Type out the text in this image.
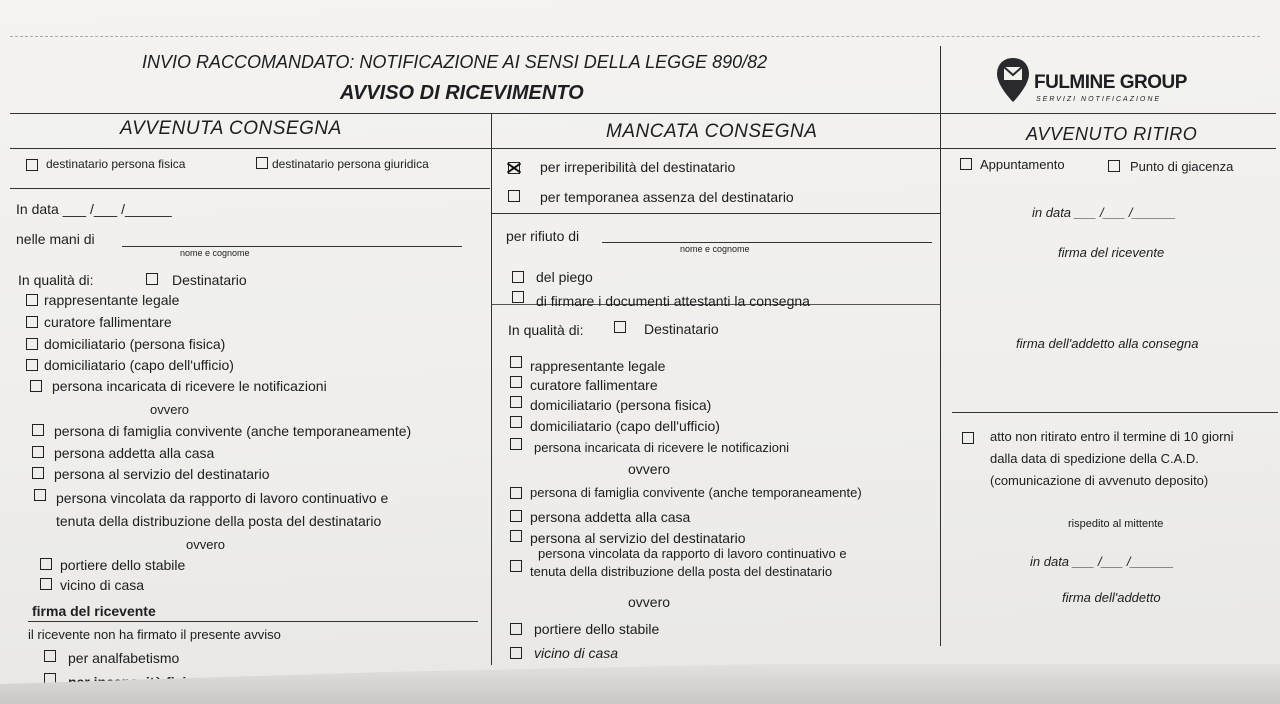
INVIO RACCOMANDATO: NOTIFICAZIONE AI SENSI DELLA LEGGE 890/82
AVVISO DI RICEVIMENTO	FULMINE GROUP
SERVIZI NOTIFICAZIONE
AVVENUTA CONSEGNA	MANCATA CONSEGNA	AVVENUTO RITIRO
destinatario persona fisica	destinatario persona giuridica
In data ___ /___ /______
nelle mani di
nome e cognome
In qualità di:	Destinatario
rappresentante legale
curatore fallimentare
domiciliatario (persona fisica)
domiciliatario (capo dell'ufficio)
persona incaricata di ricevere le notificazioni
ovvero
persona di famiglia convivente (anche temporaneamente)
persona addetta alla casa
persona al servizio del destinatario
persona vincolata da rapporto di lavoro continuativo e
tenuta della distribuzione della posta del destinatario
ovvero
portiere dello stabile
vicino di casa
firma del ricevente
il ricevente non ha firmato il presente avviso
per analfabetismo
per irreperibilità del destinatario
per temporanea assenza del destinatario
per rifiuto di
nome e cognome
del piego
di firmare i documenti attestanti la consegna
In qualità di:	Destinatario
rappresentante legale
curatore fallimentare
domiciliatario (persona fisica)
domiciliatario (capo dell'ufficio)
persona incaricata di ricevere le notificazioni
ovvero
persona di famiglia convivente (anche temporaneamente)
persona addetta alla casa
persona al servizio del destinatario
persona vincolata da rapporto di lavoro continuativo e
tenuta della distribuzione della posta del destinatario
ovvero
portiere dello stabile
vicino di casa
Appuntamento	Punto di giacenza
in data ___ /___ /______
firma del ricevente
firma dell'addetto alla consegna
atto non ritirato entro il termine di 10 giorni
dalla data di spedizione della C.A.D.
(comunicazione di avvenuto deposito)
rispedito al mittente
in data ___ /___ /______
firma dell'addetto
